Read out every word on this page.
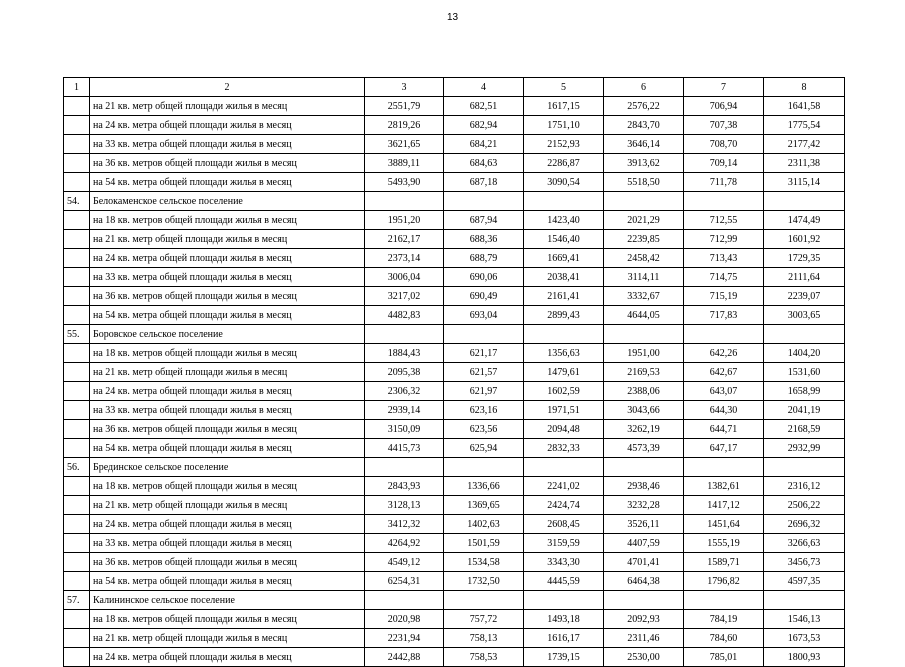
13
1	2	3	4	5	6	7	8
	на 21 кв. метр общей площади жилья в месяц	2551,79	682,51	1617,15	2576,22	706,94	1641,58
	на 24 кв. метра общей площади жилья в месяц	2819,26	682,94	1751,10	2843,70	707,38	1775,54
	на 33 кв. метра общей площади жилья в месяц	3621,65	684,21	2152,93	3646,14	708,70	2177,42
	на 36 кв. метров общей площади жилья в месяц	3889,11	684,63	2286,87	3913,62	709,14	2311,38
	на 54 кв. метра общей площади жилья в месяц	5493,90	687,18	3090,54	5518,50	711,78	3115,14
54.	Белокаменское сельское поселение						
	на 18 кв. метров общей площади жилья в месяц	1951,20	687,94	1423,40	2021,29	712,55	1474,49
	на 21 кв. метр общей площади жилья в месяц	2162,17	688,36	1546,40	2239,85	712,99	1601,92
	на 24 кв. метра общей площади жилья в месяц	2373,14	688,79	1669,41	2458,42	713,43	1729,35
	на 33 кв. метра общей площади жилья в месяц	3006,04	690,06	2038,41	3114,11	714,75	2111,64
	на 36 кв. метров общей площади жилья в месяц	3217,02	690,49	2161,41	3332,67	715,19	2239,07
	на 54 кв. метра общей площади жилья в месяц	4482,83	693,04	2899,43	4644,05	717,83	3003,65
55.	Боровское сельское поселение						
	на 18 кв. метров общей площади жилья в месяц	1884,43	621,17	1356,63	1951,00	642,26	1404,20
	на 21 кв. метр общей площади жилья в месяц	2095,38	621,57	1479,61	2169,53	642,67	1531,60
	на 24 кв. метра общей площади жилья в месяц	2306,32	621,97	1602,59	2388,06	643,07	1658,99
	на 33 кв. метра общей площади жилья в месяц	2939,14	623,16	1971,51	3043,66	644,30	2041,19
	на 36 кв. метров общей площади жилья в месяц	3150,09	623,56	2094,48	3262,19	644,71	2168,59
	на 54 кв. метра общей площади жилья в месяц	4415,73	625,94	2832,33	4573,39	647,17	2932,99
56.	Брединское сельское поселение						
	на 18 кв. метров общей площади жилья в месяц	2843,93	1336,66	2241,02	2938,46	1382,61	2316,12
	на 21 кв. метр общей площади жилья в месяц	3128,13	1369,65	2424,74	3232,28	1417,12	2506,22
	на 24 кв. метра общей площади жилья в месяц	3412,32	1402,63	2608,45	3526,11	1451,64	2696,32
	на 33 кв. метра общей площади жилья в месяц	4264,92	1501,59	3159,59	4407,59	1555,19	3266,63
	на 36 кв. метров общей площади жилья в месяц	4549,12	1534,58	3343,30	4701,41	1589,71	3456,73
	на 54 кв. метра общей площади жилья в месяц	6254,31	1732,50	4445,59	6464,38	1796,82	4597,35
57.	Калининское сельское поселение						
	на 18 кв. метров общей площади жилья в месяц	2020,98	757,72	1493,18	2092,93	784,19	1546,13
	на 21 кв. метр общей площади жилья в месяц	2231,94	758,13	1616,17	2311,46	784,60	1673,53
	на 24 кв. метра общей площади жилья в месяц	2442,88	758,53	1739,15	2530,00	785,01	1800,93
